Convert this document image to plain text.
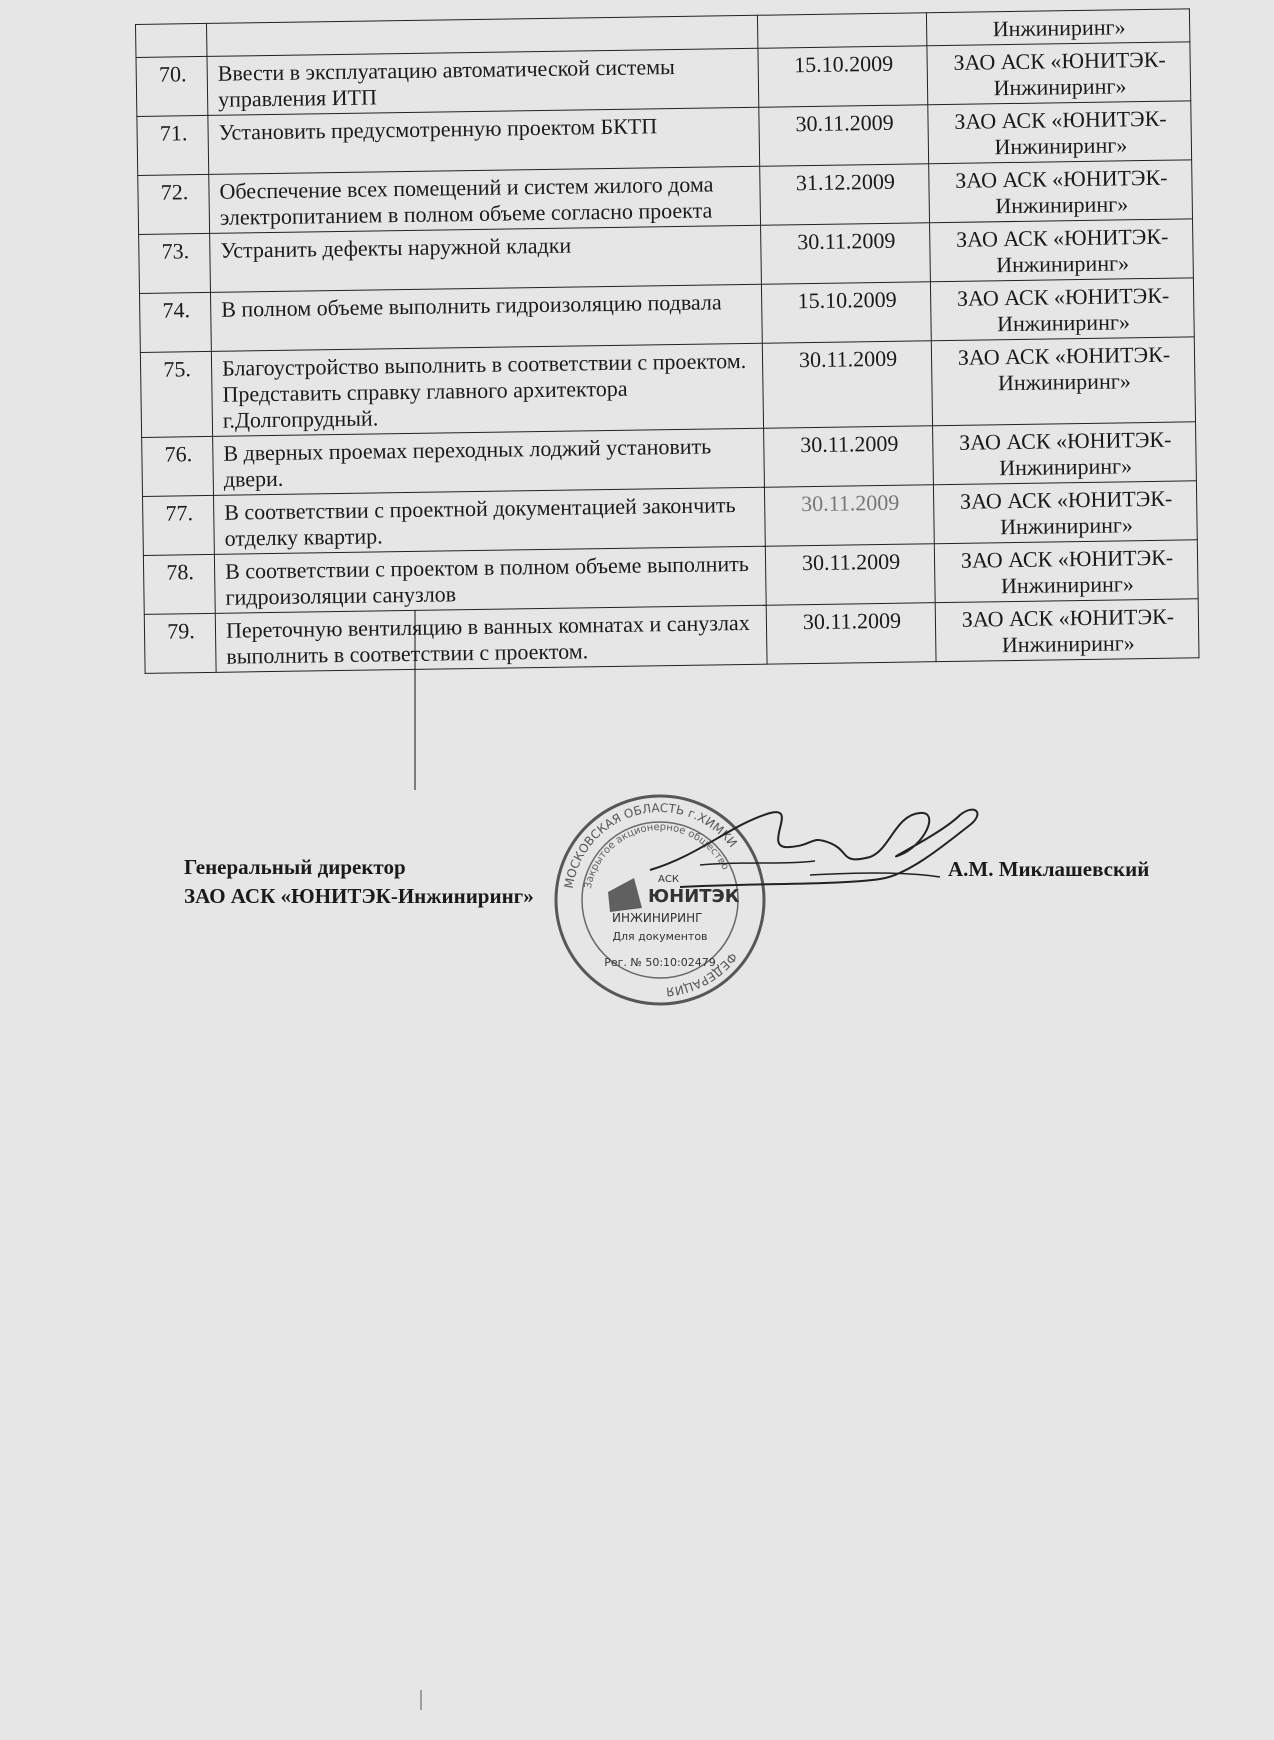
			Инжиниринг»
70.	Ввести в эксплуатацию автоматической системы управления ИТП	15.10.2009	ЗАО АСК «ЮНИТЭК-Инжиниринг»
71.	Установить предусмотренную проектом БКТП	30.11.2009	ЗАО АСК «ЮНИТЭК-Инжиниринг»
72.	Обеспечение всех помещений и систем жилого дома электропитанием в полном объеме согласно проекта	31.12.2009	ЗАО АСК «ЮНИТЭК-Инжиниринг»
73.	Устранить дефекты наружной кладки	30.11.2009	ЗАО АСК «ЮНИТЭК-Инжиниринг»
74.	В полном объеме выполнить гидроизоляцию подвала	15.10.2009	ЗАО АСК «ЮНИТЭК-Инжиниринг»
75.	Благоустройство выполнить в соответствии с проектом. Представить справку главного архитектора г.Долгопрудный.	30.11.2009	ЗАО АСК «ЮНИТЭК-Инжиниринг»
76.	В дверных проемах переходных лоджий установить двери.	30.11.2009	ЗАО АСК «ЮНИТЭК-Инжиниринг»
77.	В соответствии с проектной документацией закончить отделку квартир.	30.11.2009	ЗАО АСК «ЮНИТЭК-Инжиниринг»
78.	В соответствии с проектом в полном объеме выполнить гидроизоляции санузлов	30.11.2009	ЗАО АСК «ЮНИТЭК-Инжиниринг»
79.	Переточную вентиляцию в ванных комнатах и санузлах выполнить в соответствии с проектом.	30.11.2009	ЗАО АСК «ЮНИТЭК-Инжиниринг»
Генеральный директор
ЗАО АСК «ЮНИТЭК-Инжиниринг»
А.М. Миклашевский
МОСКОВСКАЯ ОБЛАСТЬ г.ХИМКИ
ФЕДЕРАЦИЯ
Закрытое акционерное общество
АСК
ЮНИТЭК
ИНЖИНИРИНГ
Для документов
Рег. № 50:10:02479
